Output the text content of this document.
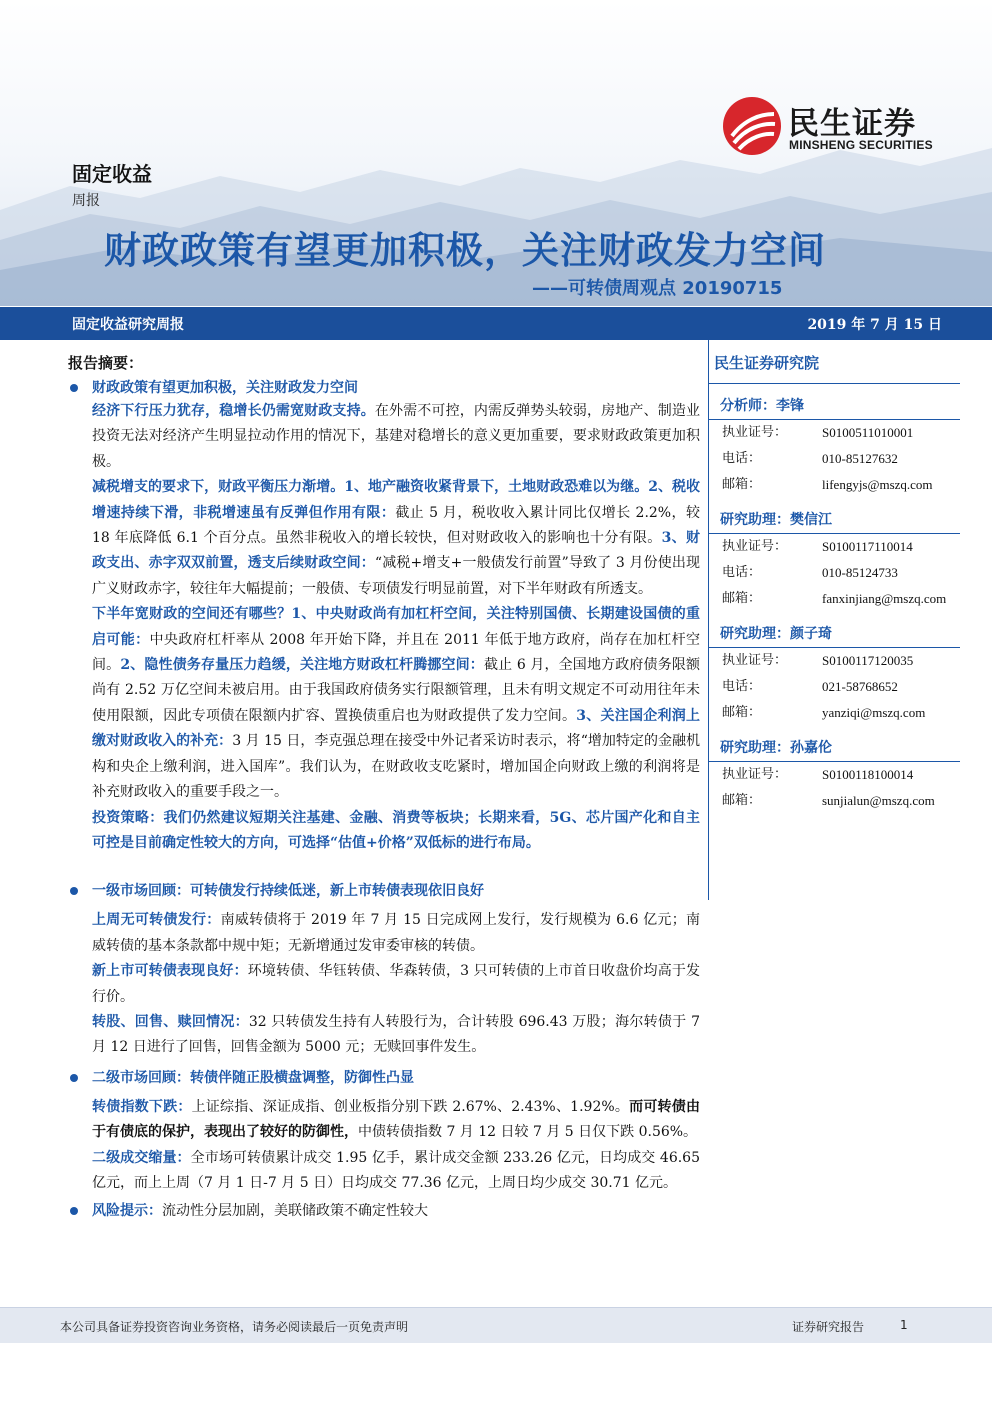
民生证券
MINSHENG SECURITIES
固定收益
周报
财政政策有望更加积极，关注财政发力空间
——可转债周观点 20190715
固定收益研究周报	2019 年 7 月 15 日
报告摘要：
财政政策有望更加积极，关注财政发力空间
经济下行压力犹存，稳增长仍需宽财政支持。在外需不可控，内需反弹势头较弱，房地产、制造业投资无法对经济产生明显拉动作用的情况下，基建对稳增长的意义更加重要，要求财政政策更加积极。
减税增支的要求下，财政平衡压力渐增。1、地产融资收紧背景下，土地财政恐难以为继。2、税收增速持续下滑，非税增速虽有反弹但作用有限：截止 5 月，税收收入累计同比仅增长 2.2%，较 18 年底降低 6.1 个百分点。虽然非税收入的增长较快，但对财政收入的影响也十分有限。3、财政支出、赤字双双前置，透支后续财政空间：“减税+增支+一般债发行前置”导致了 3 月份使出现广义财政赤字，较往年大幅提前；一般债、专项债发行明显前置，对下半年财政有所透支。
下半年宽财政的空间还有哪些？1、中央财政尚有加杠杆空间，关注特别国债、长期建设国债的重启可能：中央政府杠杆率从 2008 年开始下降，并且在 2011 年低于地方政府，尚存在加杠杆空间。2、隐性债务存量压力趋缓，关注地方财政杠杆腾挪空间：截止 6 月，全国地方政府债务限额尚有 2.52 万亿空间未被启用。由于我国政府债务实行限额管理，且未有明文规定不可动用往年未使用限额，因此专项债在限额内扩容、置换债重启也为财政提供了发力空间。3、关注国企利润上缴对财政收入的补充：3 月 15 日，李克强总理在接受中外记者采访时表示，将“增加特定的金融机构和央企上缴利润，进入国库”。我们认为，在财政收支吃紧时，增加国企向财政上缴的利润将是补充财政收入的重要手段之一。
投资策略：我们仍然建议短期关注基建、金融、消费等板块；长期来看，5G、芯片国产化和自主可控是目前确定性较大的方向，可选择“估值+价格”双低标的进行布局。
一级市场回顾：可转债发行持续低迷，新上市转债表现依旧良好
上周无可转债发行：南威转债将于 2019 年 7 月 15 日完成网上发行，发行规模为 6.6 亿元；南威转债的基本条款都中规中矩；无新增通过发审委审核的转债。
新上市可转债表现良好：环境转债、华钰转债、华森转债，3 只可转债的上市首日收盘价均高于发行价。
转股、回售、赎回情况：32 只转债发生持有人转股行为，合计转股 696.43 万股；海尔转债于 7 月 12 日进行了回售，回售金额为 5000 元；无赎回事件发生。
二级市场回顾：转债伴随正股横盘调整，防御性凸显
转债指数下跌：上证综指、深证成指、创业板指分别下跌 2.67%、2.43%、1.92%。而可转债由于有债底的保护，表现出了较好的防御性，中债转债指数 7 月 12 日较 7 月 5 日仅下跌 0.56%。
二级成交缩量：全市场可转债累计成交 1.95 亿手，累计成交金额 233.26 亿元，日均成交 46.65 亿元，而上上周（7 月 1 日-7 月 5 日）日均成交 77.36 亿元，上周日均少成交 30.71 亿元。
风险提示：流动性分层加剧，美联储政策不确定性较大
民生证券研究院
分析师：李锋
执业证号：	S0100511010001
电话：	010-85127632
邮箱：	lifengyjs@mszq.com
研究助理：樊信江
执业证号：	S0100117110014
电话：	010-85124733
邮箱：	fanxinjiang@mszq.com
研究助理：颜子琦
执业证号：	S0100117120035
电话：	021-58768652
邮箱：	yanziqi@mszq.com
研究助理：孙嘉伦
执业证号：	S0100118100014
邮箱：	sunjialun@mszq.com
本公司具备证券投资咨询业务资格，请务必阅读最后一页免责声明	证券研究报告	1
